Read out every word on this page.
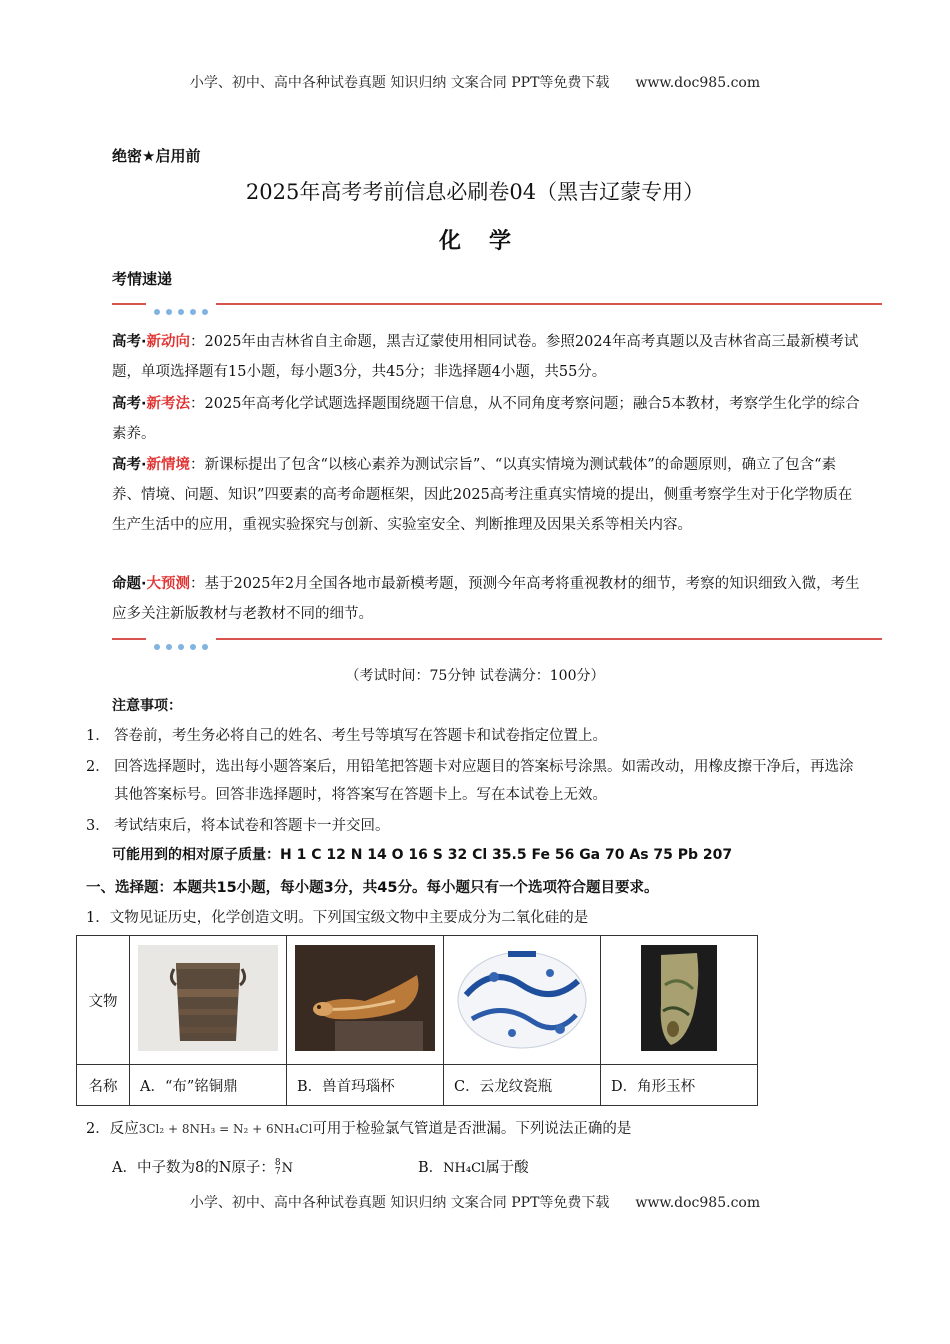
小学、初中、高中各种试卷真题 知识归纳 文案合同 PPT等免费下载 www.doc985.com
绝密★启用前
2025年高考考前信息必刷卷04（黑吉辽蒙专用）
化学
考情速递
高考·新动向：2025年由吉林省自主命题，黑吉辽蒙使用相同试卷。参照2024年高考真题以及吉林省高三最新模考试题，单项选择题有15小题，每小题3分，共45分；非选择题4小题，共55分。
高考·新考法：2025年高考化学试题选择题围绕题干信息，从不同角度考察问题；融合5本教材，考察学生化学的综合素养。
高考·新情境：新课标提出了包含“以核心素养为测试宗旨”、“以真实情境为测试载体”的命题原则，确立了包含“素养、情境、问题、知识”四要素的高考命题框架，因此2025高考注重真实情境的提出，侧重考察学生对于化学物质在生产生活中的应用，重视实验探究与创新、实验室安全、判断推理及因果关系等相关内容。
命题·大预测：基于2025年2月全国各地市最新模考题，预测今年高考将重视教材的细节，考察的知识细致入微，考生应多关注新版教材与老教材不同的细节。
（考试时间：75分钟 试卷满分：100分）
注意事项：
1． 答卷前，考生务必将自己的姓名、考生号等填写在答题卡和试卷指定位置上。
2． 回答选择题时，选出每小题答案后，用铅笔把答题卡对应题目的答案标号涂黑。如需改动，用橡皮擦干净后，再选涂其他答案标号。回答非选择题时，将答案写在答题卡上。写在本试卷上无效。
3． 考试结束后，将本试卷和答题卡一并交回。
可能用到的相对原子质量：H 1 C 12 N 14 O 16 S 32 Cl 35.5 Fe 56 Ga 70 As 75 Pb 207
一、选择题：本题共15小题，每小题3分，共45分。每小题只有一个选项符合题目要求。
1．文物见证历史，化学创造文明。下列国宝级文物中主要成分为二氧化硅的是
文物				
名称	A．“布”铭铜鼎	B．兽首玛瑙杯	C．云龙纹瓷瓶	D．角形玉杯
2．反应3Cl₂ + 8NH₃ = N₂ + 6NH₄Cl可用于检验氯气管道是否泄漏。下列说法正确的是
A．中子数为8的N原子：8
7N	B．NH₄Cl属于酸
小学、初中、高中各种试卷真题 知识归纳 文案合同 PPT等免费下载 www.doc985.com
